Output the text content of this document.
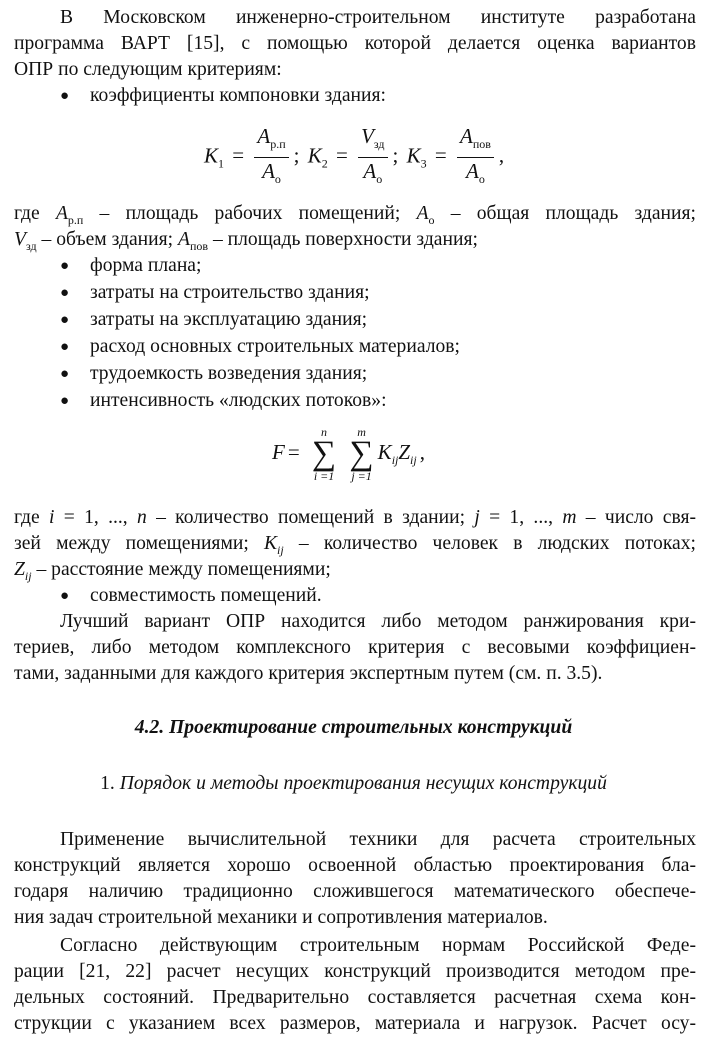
В Московском инженерно-строительном институте разработана
программа ВАРТ [15], с помощью которой делается оценка вариантов
ОПР по следующим критериям:
● коэффициенты компоновки здания:
$K_1 = \frac{A_{р.п}}{A_о}$ ; $K_2 = \frac{V_{зд}}{A_о}$ ; $K_3 = \frac{A_{пов}}{A_о}$ ,
где $A_{р.п}$ – площадь рабочих помещений; $A_о$ – общая площадь здания;
$V_{зд}$ – объем здания; $A_{пов}$ – площадь поверхности здания;
● форма плана;
● затраты на строительство здания;
● затраты на эксплуатацию здания;
● расход основных строительных материалов;
● трудоемкость возведения здания;
● интенсивность «людских потоков»:
F =
n
∑
i =1

m
∑
j =1
$K_{ij}Z_{ij}$ ,
где i = 1, ..., n – количество помещений в здании; j = 1, ..., m – число свя-
зей между помещениями; $K_{ij}$ – количество человек в людских потоках;
$Z_{ij}$ – расстояние между помещениями;
● совместимость помещений.
Лучший вариант ОПР находится либо методом ранжирования кри-
териев, либо методом комплексного критерия с весовыми коэффициен-
тами, заданными для каждого критерия экспертным путем (см. п. 3.5).
4.2. Проектирование строительных конструкций
1. Порядок и методы проектирования несущих конструкций
Применение вычислительной техники для расчета строительных
конструкций является хорошо освоенной областью проектирования бла-
годаря наличию традиционно сложившегося математического обеспече-
ния задач строительной механики и сопротивления материалов.
Согласно действующим строительным нормам Российской Феде-
рации [21, 22] расчет несущих конструкций производится методом пре-
дельных состояний. Предварительно составляется расчетная схема кон-
струкции с указанием всех размеров, материала и нагрузок. Расчет осу-
